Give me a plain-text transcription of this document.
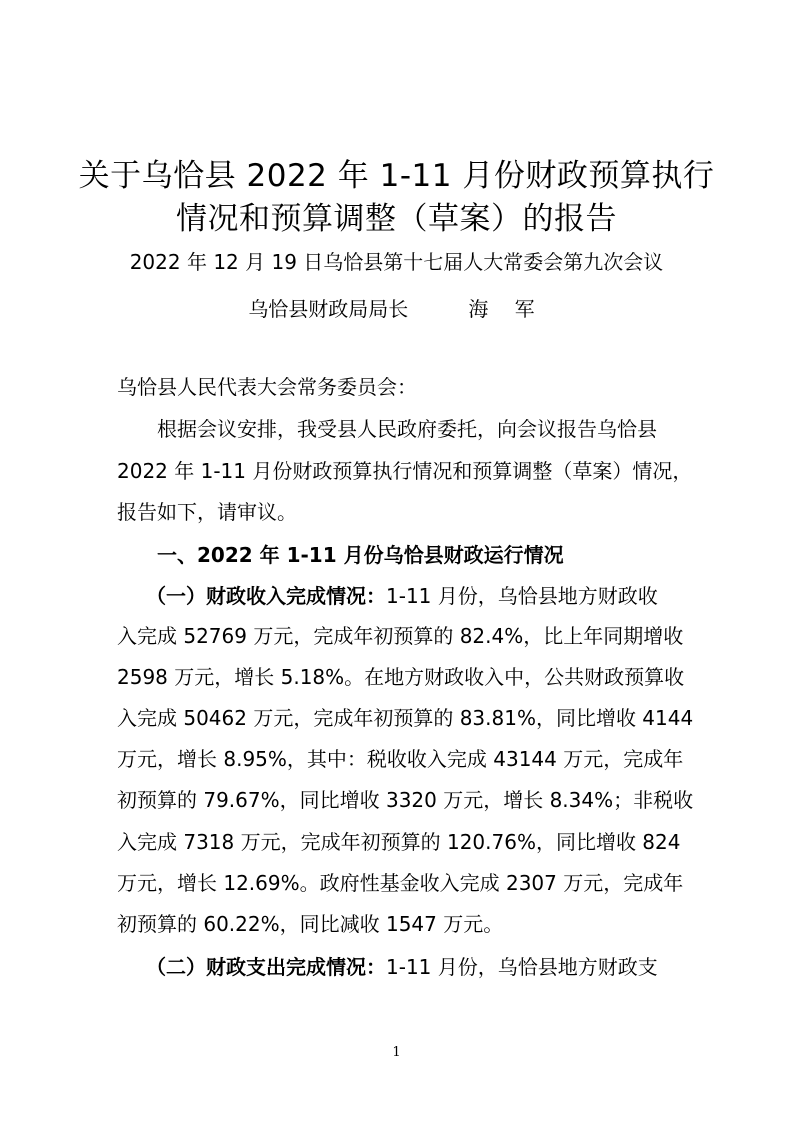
关于乌恰县 2022 年 1-11 月份财政预算执行
情况和预算调整（草案）的报告
2022 年 12 月 19 日乌恰县第十七届人大常委会第九次会议
乌恰县财政局局长	海 军
乌恰县人民代表大会常务委员会：
根据会议安排，我受县人民政府委托，向会议报告乌恰县
2022 年 1-11 月份财政预算执行情况和预算调整（草案）情况，
报告如下，请审议。
一、2022 年 1-11 月份乌恰县财政运行情况
（一）财政收入完成情况：1-11 月份，乌恰县地方财政收
入完成 52769 万元，完成年初预算的 82.4%，比上年同期增收
2598 万元，增长 5.18%。在地方财政收入中，公共财政预算收
入完成 50462 万元，完成年初预算的 83.81%，同比增收 4144
万元，增长 8.95%，其中：税收收入完成 43144 万元，完成年
初预算的 79.67%，同比增收 3320 万元，增长 8.34%；非税收
入完成 7318 万元，完成年初预算的 120.76%，同比增收 824
万元，增长 12.69%。政府性基金收入完成 2307 万元，完成年
初预算的 60.22%，同比减收 1547 万元。
（二）财政支出完成情况：1-11 月份，乌恰县地方财政支
1
